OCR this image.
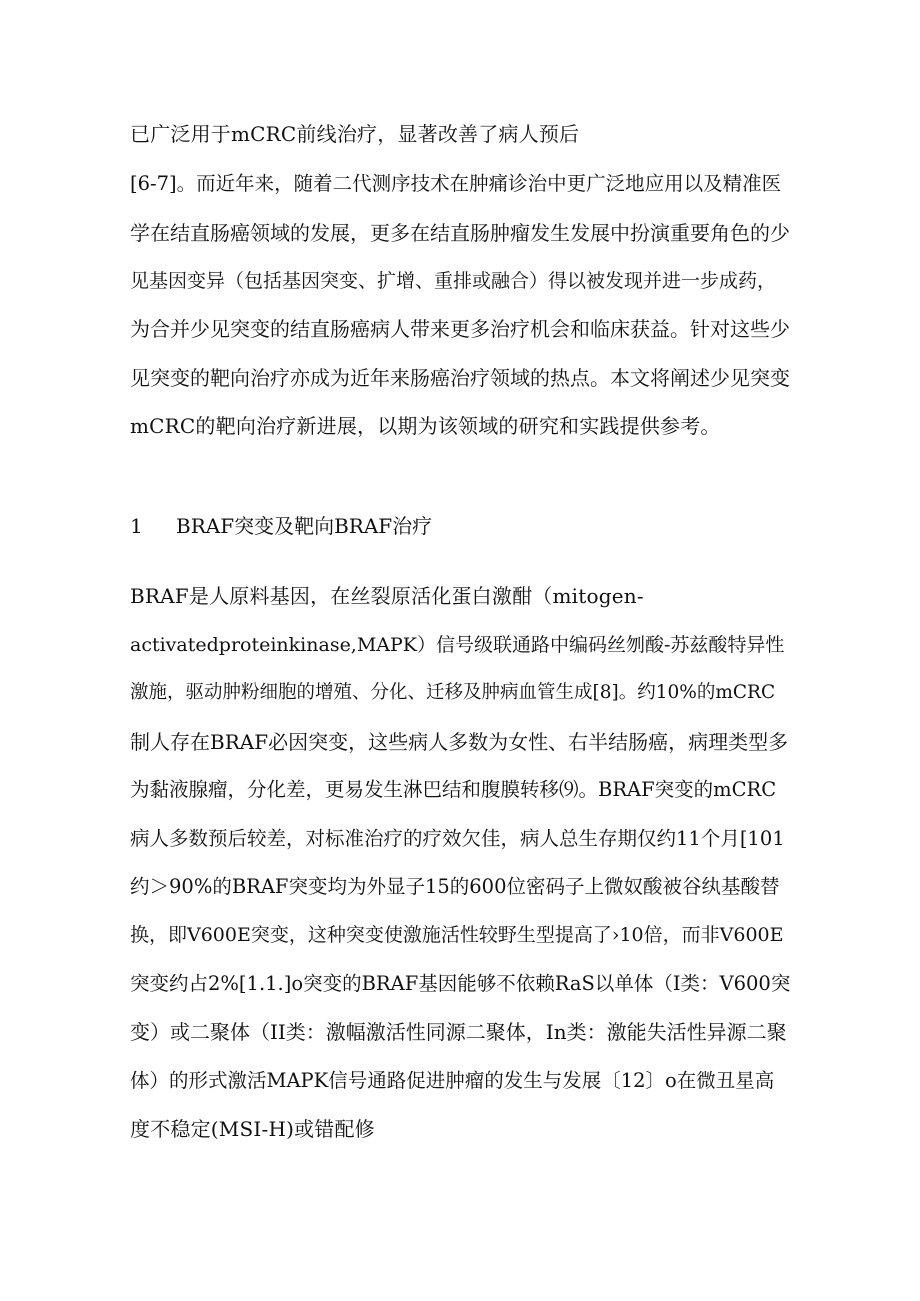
已广泛用于mCRC前线治疗，显著改善了病人预后
[6-7]。而近年来，随着二代测序技术在肿痛诊治中更广泛地应用以及精准医
学在结直肠癌领域的发展，更多在结直肠肿瘤发生发展中扮演重要角色的少
见基因变异（包括基因突变、扩增、重排或融合）得以被发现并进一步成药，
为合并少见突变的结直肠癌病人带来更多治疗机会和临床获益。针对这些少
见突变的靶向治疗亦成为近年来肠癌治疗领域的热点。本文将阐述少见突变
mCRC的靶向治疗新进展，以期为该领域的研究和实践提供参考。
1 BRAF突变及靶向BRAF治疗
BRAF是人原料基因，在丝裂原活化蛋白激酣（mitogen-
activatedproteinkinase,MAPK）信号级联通路中编码丝刎酸-苏兹酸特异性
激施，驱动肿粉细胞的增殖、分化、迁移及肿病血管生成[8]。约10%的mCRC
制人存在BRAF必因突变，这些病人多数为女性、右半结肠癌，病理类型多
为黏液腺瘤，分化差，更易发生淋巴结和腹膜转移⑼。BRAF突变的mCRC
病人多数预后较差，对标准治疗的疗效欠佳，病人总生存期仅约11个月[101
约＞90%的BRAF突变均为外显子15的600位密码子上微奴酸被谷纨基酸替
换，即V600E突变，这种突变使激施活性较野生型提高了›10倍，而非V600E
突变约占2%[1.1.]o突变的BRAF基因能够不依赖RaS以单体（I类：V600突
变）或二聚体（II类：激幅激活性同源二聚体，In类：激能失活性异源二聚
体）的形式激活MAPK信号通路促进肿瘤的发生与发展〔12〕o在微丑星高
度不稳定(MSI-H)或错配修
